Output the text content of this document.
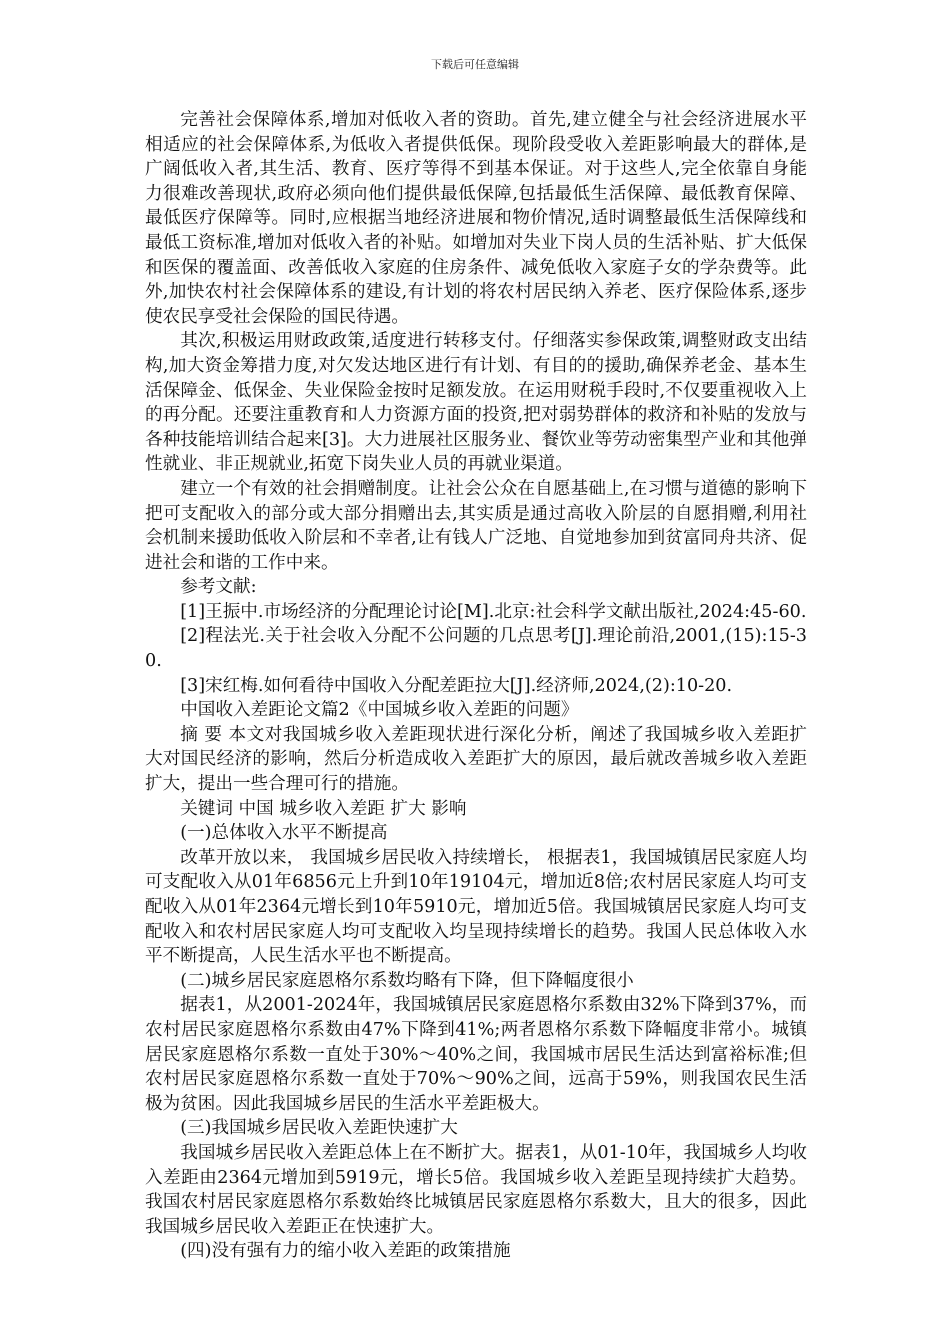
下载后可任意编辑

完善社会保障体系,增加对低收入者的资助。首先,建立健全与社会经济进展水平相适应的社会保障体系,为低收入者提供低保。现阶段受收入差距影响最大的群体,是广阔低收入者,其生活、教育、医疗等得不到基本保证。对于这些人,完全依靠自身能力很难改善现状,政府必须向他们提供最低保障,包括最低生活保障、最低教育保障、最低医疗保障等。同时,应根据当地经济进展和物价情况,适时调整最低生活保障线和最低工资标准,增加对低收入者的补贴。如增加对失业下岗人员的生活补贴、扩大低保和医保的覆盖面、改善低收入家庭的住房条件、减免低收入家庭子女的学杂费等。此外,加快农村社会保障体系的建设,有计划的将农村居民纳入养老、医疗保险体系,逐步使农民享受社会保险的国民待遇。

其次,积极运用财政政策,适度进行转移支付。仔细落实参保政策,调整财政支出结构,加大资金筹措力度,对欠发达地区进行有计划、有目的的援助,确保养老金、基本生活保障金、低保金、失业保险金按时足额发放。在运用财税手段时,不仅要重视收入上的再分配。还要注重教育和人力资源方面的投资,把对弱势群体的救济和补贴的发放与各种技能培训结合起来[3]。大力进展社区服务业、餐饮业等劳动密集型产业和其他弹性就业、非正规就业,拓宽下岗失业人员的再就业渠道。

建立一个有效的社会捐赠制度。让社会公众在自愿基础上,在习惯与道德的影响下把可支配收入的部分或大部分捐赠出去,其实质是通过高收入阶层的自愿捐赠,利用社会机制来援助低收入阶层和不幸者,让有钱人广泛地、自觉地参加到贫富同舟共济、促进社会和谐的工作中来。

参考文献:

[1]王振中.市场经济的分配理论讨论[M].北京:社会科学文献出版社,2024:45-60.

[2]程法光.关于社会收入分配不公问题的几点思考[J].理论前沿,2001,(15):15-30.

[3]宋红梅.如何看待中国收入分配差距拉大[J].经济师,2024,(2):10-20.

中国收入差距论文篇2《中国城乡收入差距的问题》

摘 要 本文对我国城乡收入差距现状进行深化分析，阐述了我国城乡收入差距扩大对国民经济的影响，然后分析造成收入差距扩大的原因，最后就改善城乡收入差距扩大，提出一些合理可行的措施。

关键词 中国 城乡收入差距 扩大 影响

(一)总体收入水平不断提高

改革开放以来， 我国城乡居民收入持续增长， 根据表1，我国城镇居民家庭人均可支配收入从01年6856元上升到10年19104元，增加近8倍;农村居民家庭人均可支配收入从01年2364元增长到10年5910元，增加近5倍。我国城镇居民家庭人均可支配收入和农村居民家庭人均可支配收入均呈现持续增长的趋势。我国人民总体收入水平不断提高，人民生活水平也不断提高。

(二)城乡居民家庭恩格尔系数均略有下降，但下降幅度很小

据表1，从2001-2024年，我国城镇居民家庭恩格尔系数由32%下降到37%，而农村居民家庭恩格尔系数由47%下降到41%;两者恩格尔系数下降幅度非常小。城镇居民家庭恩格尔系数一直处于30%～40%之间，我国城市居民生活达到富裕标准;但农村居民家庭恩格尔系数一直处于70%～90%之间，远高于59%，则我国农民生活极为贫困。因此我国城乡居民的生活水平差距极大。

(三)我国城乡居民收入差距快速扩大

我国城乡居民收入差距总体上在不断扩大。据表1，从01-10年，我国城乡人均收入差距由2364元增加到5919元，增长5倍。我国城乡收入差距呈现持续扩大趋势。我国农村居民家庭恩格尔系数始终比城镇居民家庭恩格尔系数大，且大的很多，因此我国城乡居民收入差距正在快速扩大。

(四)没有强有力的缩小收入差距的政策措施
